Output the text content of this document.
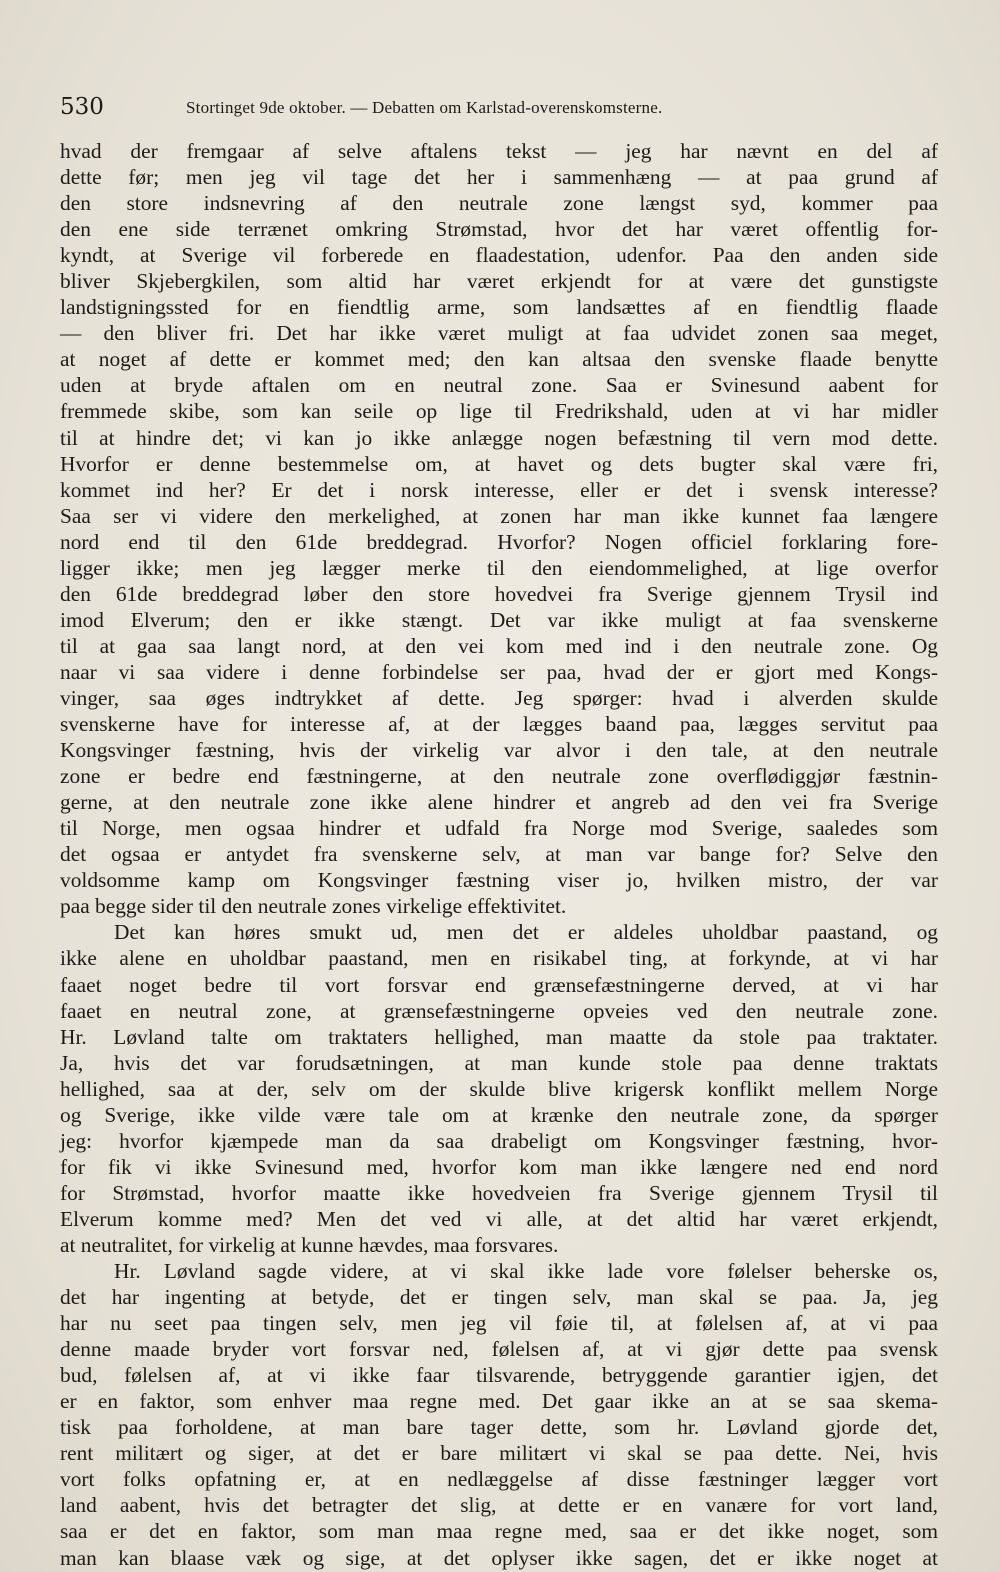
530	Stortinget 9de oktober. — Debatten om Karlstad-overenskomsterne.
hvad der fremgaar af selve aftalens tekst — jeg har nævnt en del af
dette før; men jeg vil tage det her i sammenhæng — at paa grund af
den store indsnevring af den neutrale zone længst syd, kommer paa
den ene side terrænet omkring Strømstad, hvor det har været offentlig for-
kyndt, at Sverige vil forberede en flaadestation, udenfor. Paa den anden side
bliver Skjebergkilen, som altid har været erkjendt for at være det gunstigste
landstigningssted for en fiendtlig arme, som landsættes af en fiendtlig flaade
— den bliver fri. Det har ikke været muligt at faa udvidet zonen saa meget,
at noget af dette er kommet med; den kan altsaa den svenske flaade benytte
uden at bryde aftalen om en neutral zone. Saa er Svinesund aabent for
fremmede skibe, som kan seile op lige til Fredrikshald, uden at vi har midler
til at hindre det; vi kan jo ikke anlægge nogen befæstning til vern mod dette.
Hvorfor er denne bestemmelse om, at havet og dets bugter skal være fri,
kommet ind her? Er det i norsk interesse, eller er det i svensk interesse?
Saa ser vi videre den merkelighed, at zonen har man ikke kunnet faa længere
nord end til den 61de breddegrad. Hvorfor? Nogen officiel forklaring fore-
ligger ikke; men jeg lægger merke til den eiendommelighed, at lige overfor
den 61de breddegrad løber den store hovedvei fra Sverige gjennem Trysil ind
imod Elverum; den er ikke stængt. Det var ikke muligt at faa svenskerne
til at gaa saa langt nord, at den vei kom med ind i den neutrale zone. Og
naar vi saa videre i denne forbindelse ser paa, hvad der er gjort med Kongs-
vinger, saa øges indtrykket af dette. Jeg spørger: hvad i alverden skulde
svenskerne have for interesse af, at der lægges baand paa, lægges servitut paa
Kongsvinger fæstning, hvis der virkelig var alvor i den tale, at den neutrale
zone er bedre end fæstningerne, at den neutrale zone overflødiggjør fæstnin-
gerne, at den neutrale zone ikke alene hindrer et angreb ad den vei fra Sverige
til Norge, men ogsaa hindrer et udfald fra Norge mod Sverige, saaledes som
det ogsaa er antydet fra svenskerne selv, at man var bange for? Selve den
voldsomme kamp om Kongsvinger fæstning viser jo, hvilken mistro, der var
paa begge sider til den neutrale zones virkelige effektivitet.
Det kan høres smukt ud, men det er aldeles uholdbar paastand, og
ikke alene en uholdbar paastand, men en risikabel ting, at forkynde, at vi har
faaet noget bedre til vort forsvar end grænsefæstningerne derved, at vi har
faaet en neutral zone, at grænsefæstningerne opveies ved den neutrale zone.
Hr. Løvland talte om traktaters hellighed, man maatte da stole paa traktater.
Ja, hvis det var forudsætningen, at man kunde stole paa denne traktats
hellighed, saa at der, selv om der skulde blive krigersk konflikt mellem Norge
og Sverige, ikke vilde være tale om at krænke den neutrale zone, da spørger
jeg: hvorfor kjæmpede man da saa drabeligt om Kongsvinger fæstning, hvor-
for fik vi ikke Svinesund med, hvorfor kom man ikke længere ned end nord
for Strømstad, hvorfor maatte ikke hovedveien fra Sverige gjennem Trysil til
Elverum komme med? Men det ved vi alle, at det altid har været erkjendt,
at neutralitet, for virkelig at kunne hævdes, maa forsvares.
Hr. Løvland sagde videre, at vi skal ikke lade vore følelser beherske os,
det har ingenting at betyde, det er tingen selv, man skal se paa. Ja, jeg
har nu seet paa tingen selv, men jeg vil føie til, at følelsen af, at vi paa
denne maade bryder vort forsvar ned, følelsen af, at vi gjør dette paa svensk
bud, følelsen af, at vi ikke faar tilsvarende, betryggende garantier igjen, det
er en faktor, som enhver maa regne med. Det gaar ikke an at se saa skema-
tisk paa forholdene, at man bare tager dette, som hr. Løvland gjorde det,
rent militært og siger, at det er bare militært vi skal se paa dette. Nei, hvis
vort folks opfatning er, at en nedlæggelse af disse fæstninger lægger vort
land aabent, hvis det betragter det slig, at dette er en vanære for vort land,
saa er det en faktor, som man maa regne med, saa er det ikke noget, som
man kan blaase væk og sige, at det oplyser ikke sagen, det er ikke noget at
